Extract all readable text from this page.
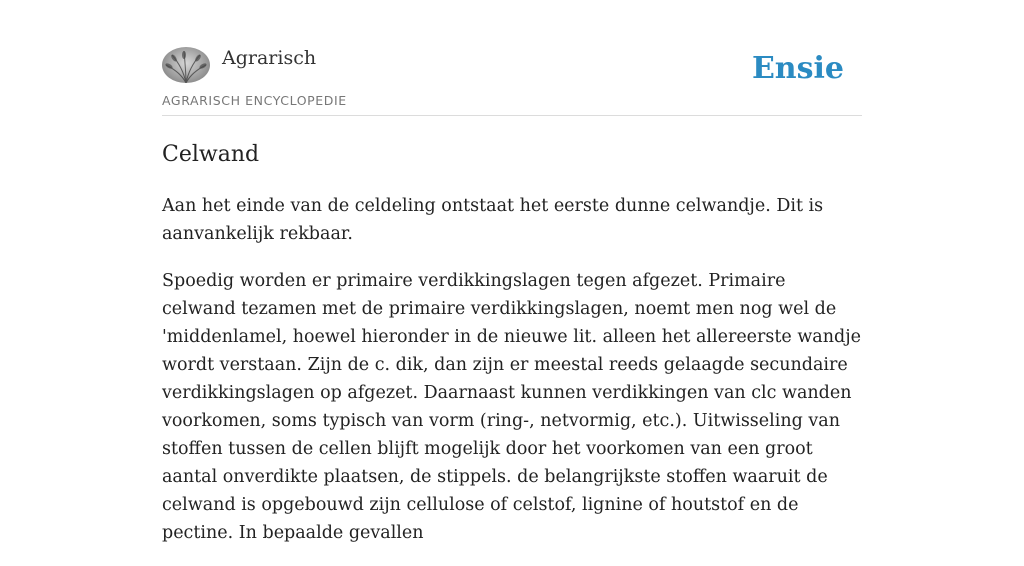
Agrarisch
AGRARISCH ENCYCLOPEDIE
Ensie
Celwand

Aan het einde van de celdeling ontstaat het eerste dunne celwandje. Dit is aanvankelijk rekbaar.

Spoedig worden er primaire verdikkingslagen tegen afgezet. Primaire celwand tezamen met de primaire verdikkingslagen, noemt men nog wel de 'middenlamel, hoewel hieronder in de nieuwe lit. alleen het allereerste wandje wordt verstaan. Zijn de c. dik, dan zijn er meestal reeds gelaagde secundaire verdikkingslagen op afgezet. Daarnaast kunnen verdikkingen van clc wanden voorkomen, soms typisch van vorm (ring-, netvormig, etc.). Uitwisseling van stoffen tussen de cellen blijft mogelijk door het voorkomen van een groot aantal onverdikte plaatsen, de stippels. de belangrijkste stoffen waaruit de celwand is opgebouwd zijn cellulose of celstof, lignine of houtstof en de pectine. In bepaalde gevallen
